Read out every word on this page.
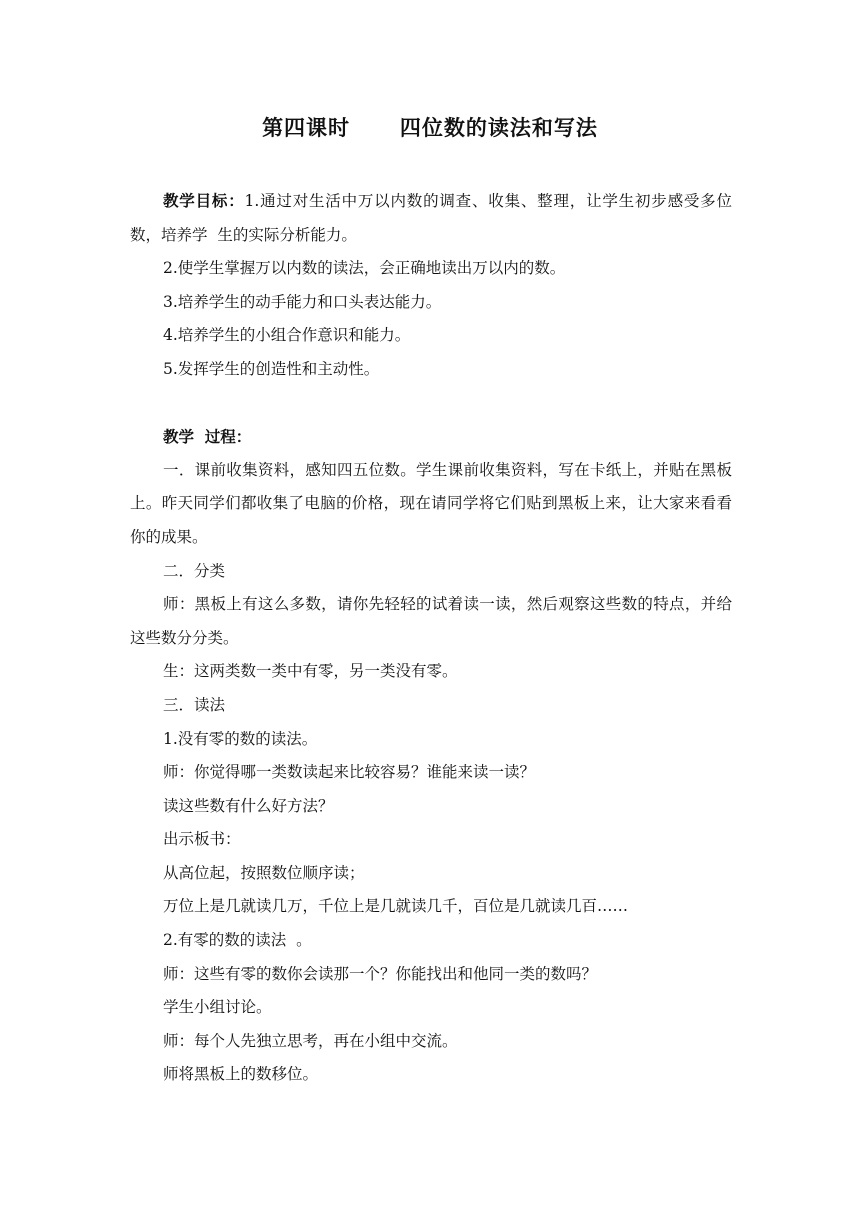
第四课时      四位数的读法和写法

教学目标：1.通过对生活中万以内数的调查、收集、整理，让学生初步感受多位数，培养学  生的实际分析能力。

2.使学生掌握万以内数的读法，会正确地读出万以内的数。

3.培养学生的动手能力和口头表达能力。

4.培养学生的小组合作意识和能力。

5.发挥学生的创造性和主动性。

教学  过程：

一．课前收集资料，感知四五位数。学生课前收集资料，写在卡纸上，并贴在黑板上。昨天同学们都收集了电脑的价格，现在请同学将它们贴到黑板上来，让大家来看看你的成果。

二．分类

师：黑板上有这么多数，请你先轻轻的试着读一读，然后观察这些数的特点，并给这些数分分类。

生：这两类数一类中有零，另一类没有零。

三．读法

1.没有零的数的读法。

师：你觉得哪一类数读起来比较容易？谁能来读一读？

读这些数有什么好方法？

出示板书：

从高位起，按照数位顺序读；

万位上是几就读几万，千位上是几就读几千，百位是几就读几百……

2.有零的数的读法  。

师：这些有零的数你会读那一个？你能找出和他同一类的数吗？

学生小组讨论。

师：每个人先独立思考，再在小组中交流。

师将黑板上的数移位。
